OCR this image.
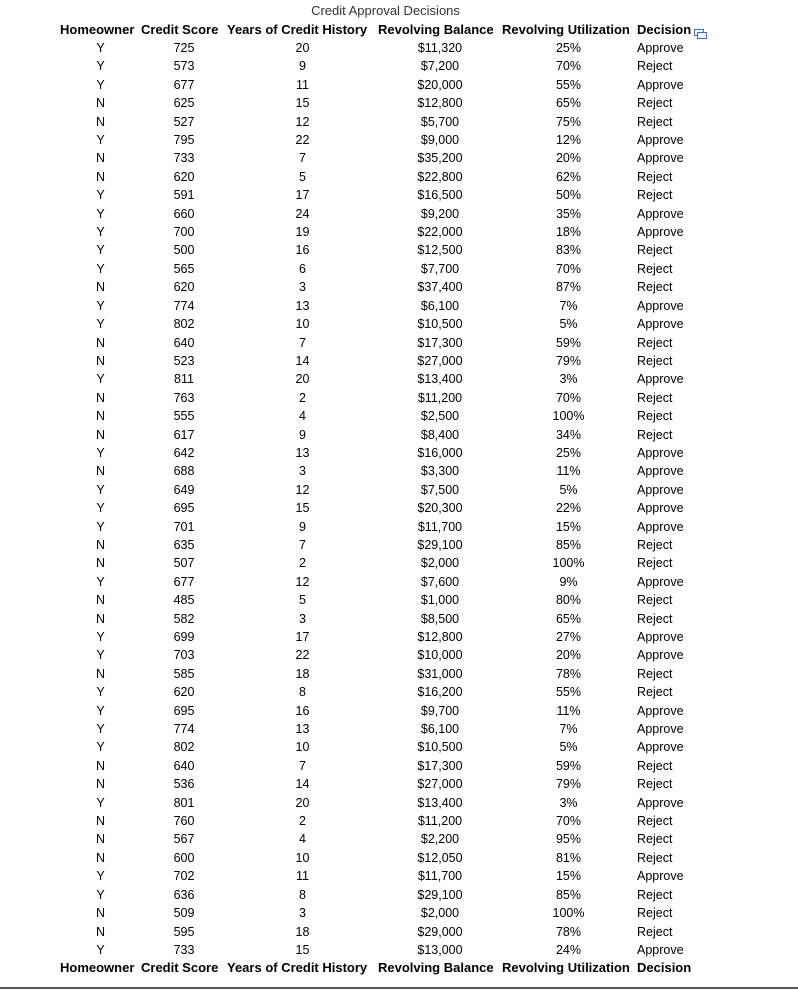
Credit Approval Decisions
Homeowner	Credit Score	Years of Credit History	Revolving Balance	Revolving Utilization	Decision

Y	725	20	$11,320	25%	Approve
Y	573	9	$7,200	70%	Reject
Y	677	11	$20,000	55%	Approve
N	625	15	$12,800	65%	Reject
N	527	12	$5,700	75%	Reject
Y	795	22	$9,000	12%	Approve
N	733	7	$35,200	20%	Approve
N	620	5	$22,800	62%	Reject
Y	591	17	$16,500	50%	Reject
Y	660	24	$9,200	35%	Approve
Y	700	19	$22,000	18%	Approve
Y	500	16	$12,500	83%	Reject
Y	565	6	$7,700	70%	Reject
N	620	3	$37,400	87%	Reject
Y	774	13	$6,100	7%	Approve
Y	802	10	$10,500	5%	Approve
N	640	7	$17,300	59%	Reject
N	523	14	$27,000	79%	Reject
Y	811	20	$13,400	3%	Approve
N	763	2	$11,200	70%	Reject
N	555	4	$2,500	100%	Reject
N	617	9	$8,400	34%	Reject
Y	642	13	$16,000	25%	Approve
N	688	3	$3,300	11%	Approve
Y	649	12	$7,500	5%	Approve
Y	695	15	$20,300	22%	Approve
Y	701	9	$11,700	15%	Approve
N	635	7	$29,100	85%	Reject
N	507	2	$2,000	100%	Reject
Y	677	12	$7,600	9%	Approve
N	485	5	$1,000	80%	Reject
N	582	3	$8,500	65%	Reject
Y	699	17	$12,800	27%	Approve
Y	703	22	$10,000	20%	Approve
N	585	18	$31,000	78%	Reject
Y	620	8	$16,200	55%	Reject
Y	695	16	$9,700	11%	Approve
Y	774	13	$6,100	7%	Approve
Y	802	10	$10,500	5%	Approve
N	640	7	$17,300	59%	Reject
N	536	14	$27,000	79%	Reject
Y	801	20	$13,400	3%	Approve
N	760	2	$11,200	70%	Reject
N	567	4	$2,200	95%	Reject
N	600	10	$12,050	81%	Reject
Y	702	11	$11,700	15%	Approve
Y	636	8	$29,100	85%	Reject
N	509	3	$2,000	100%	Reject
N	595	18	$29,000	78%	Reject
Y	733	15	$13,000	24%	Approve
Homeowner	Credit Score	Years of Credit History	Revolving Balance	Revolving Utilization	Decision
